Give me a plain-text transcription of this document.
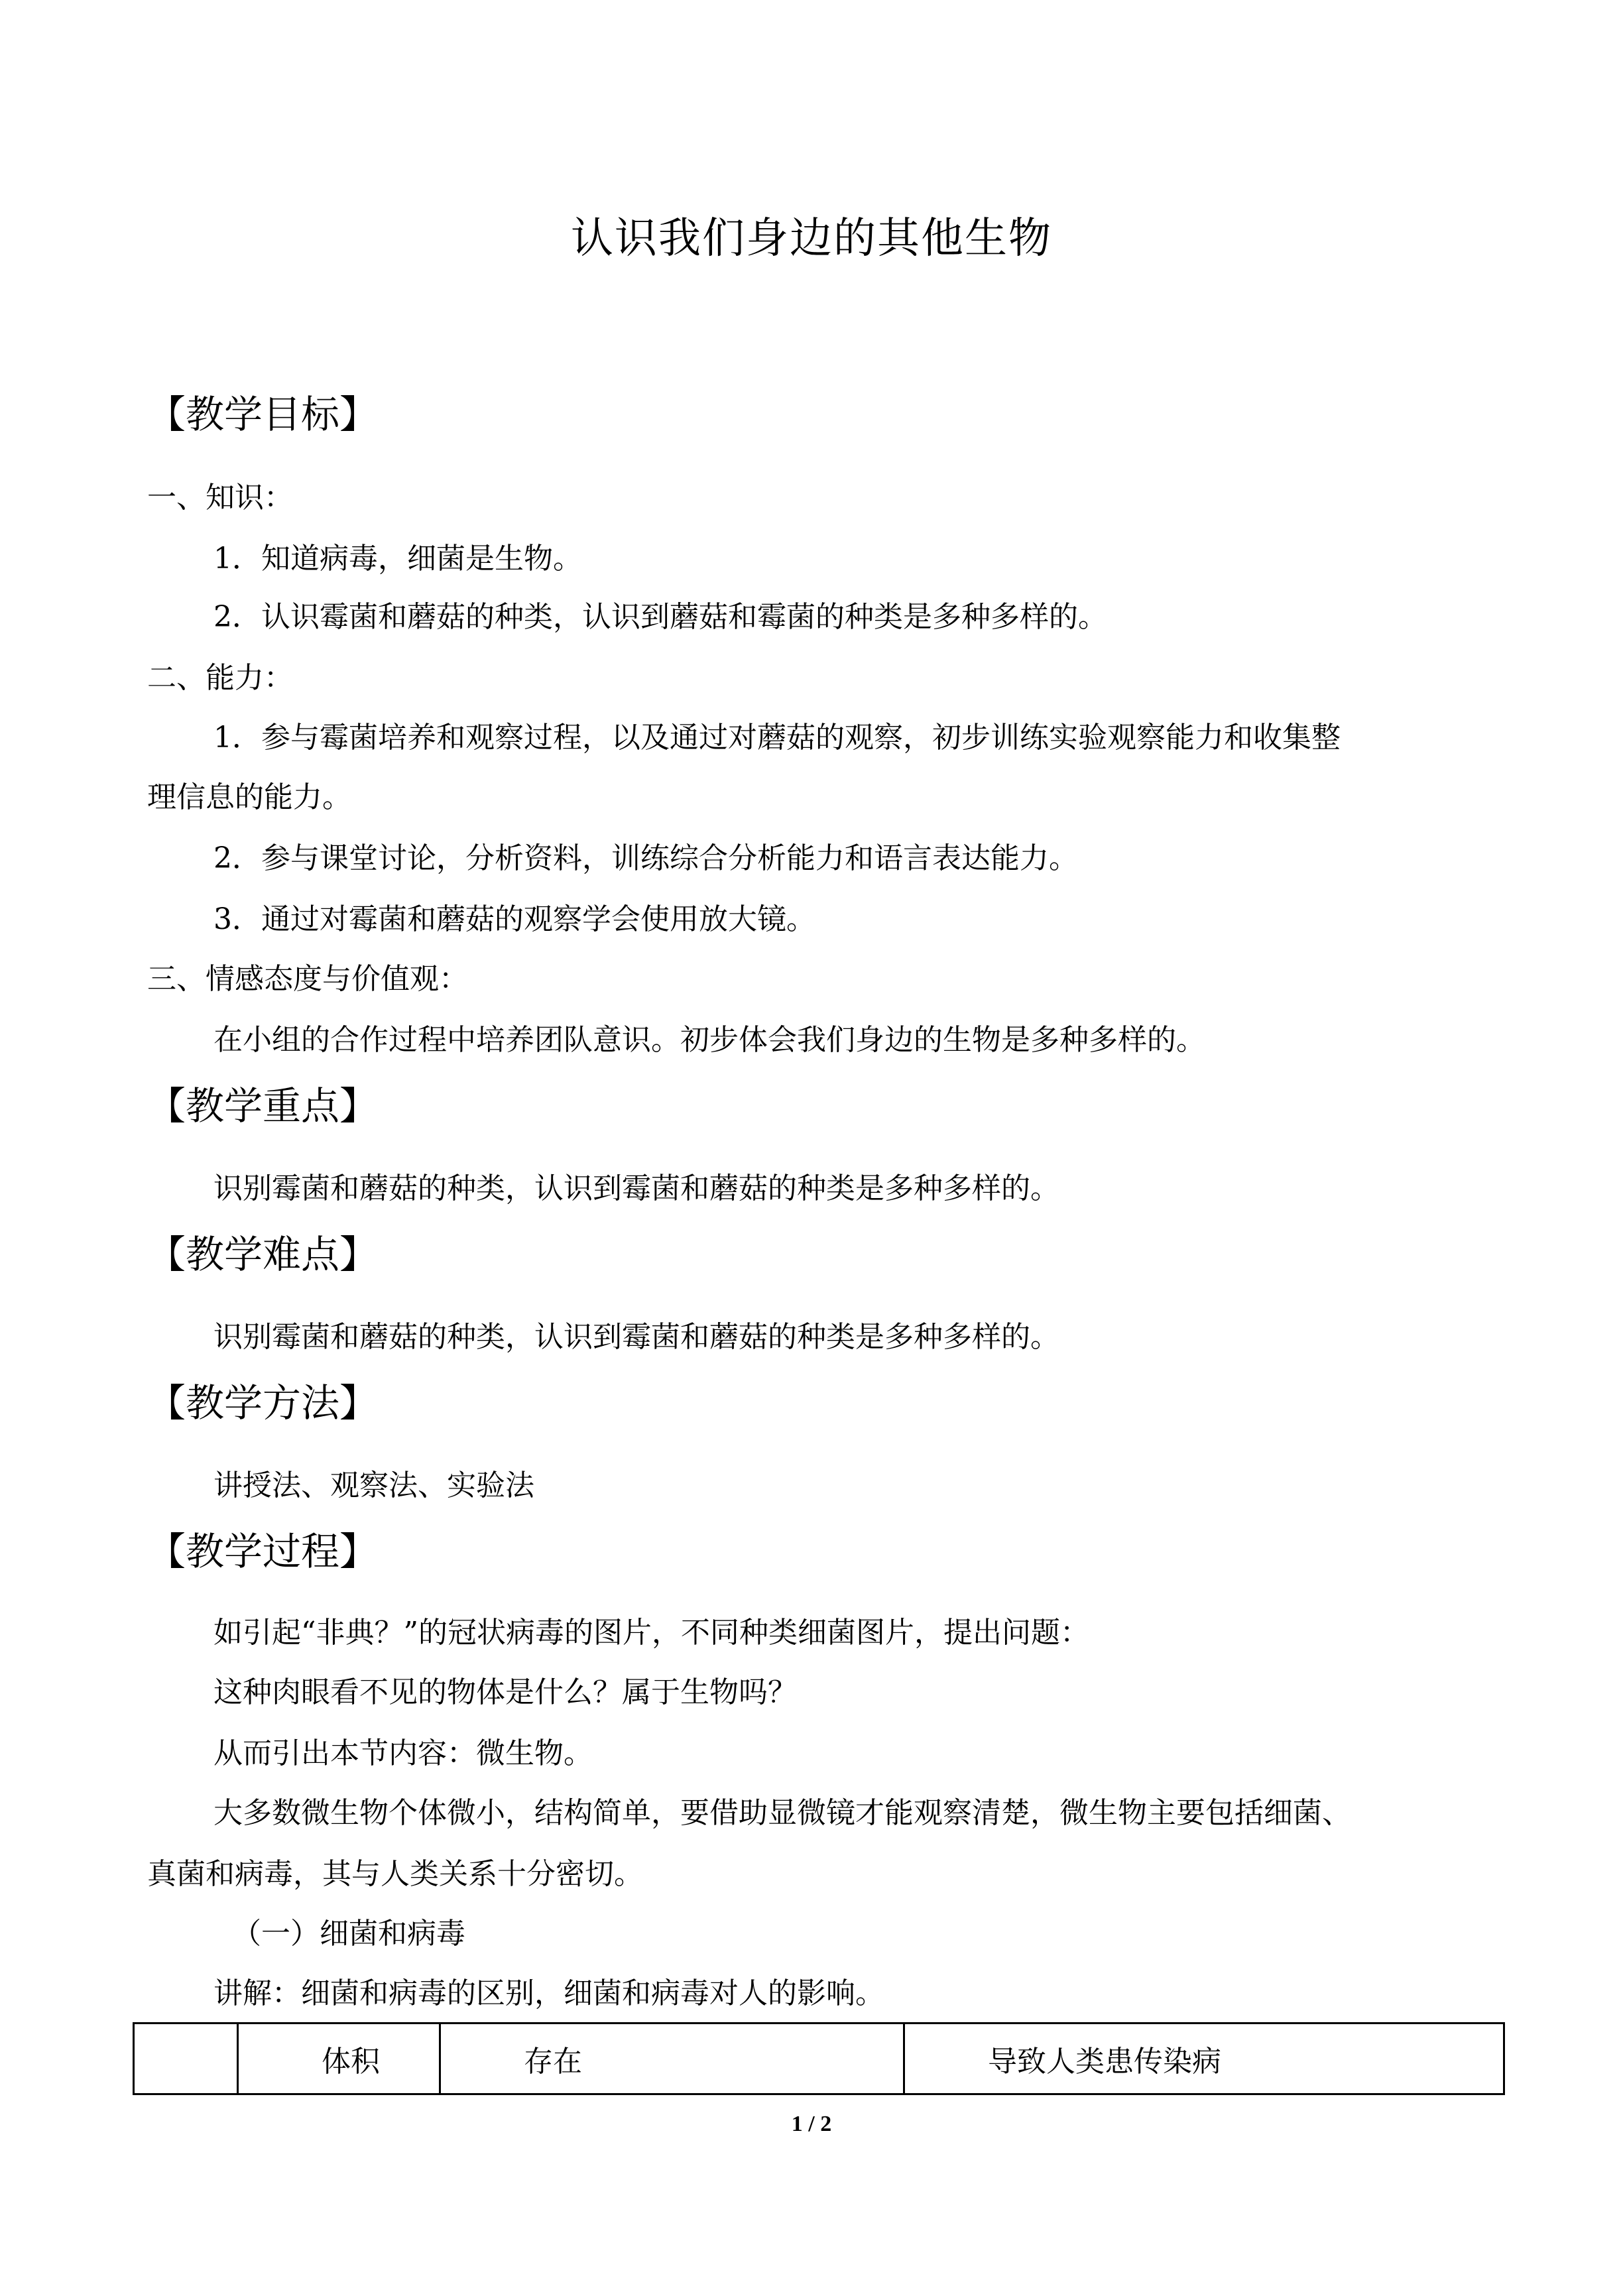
认识我们身边的其他生物
【教学目标】
一、知识：
1．知道病毒，细菌是生物。
2．认识霉菌和蘑菇的种类，认识到蘑菇和霉菌的种类是多种多样的。
二、能力：
1．参与霉菌培养和观察过程，以及通过对蘑菇的观察，初步训练实验观察能力和收集整
理信息的能力。
2．参与课堂讨论，分析资料，训练综合分析能力和语言表达能力。
3．通过对霉菌和蘑菇的观察学会使用放大镜。
三、情感态度与价值观：
在小组的合作过程中培养团队意识。初步体会我们身边的生物是多种多样的。
【教学重点】
识别霉菌和蘑菇的种类，认识到霉菌和蘑菇的种类是多种多样的。
【教学难点】
识别霉菌和蘑菇的种类，认识到霉菌和蘑菇的种类是多种多样的。
【教学方法】
讲授法、观察法、实验法
【教学过程】
如引起“非典？”的冠状病毒的图片，不同种类细菌图片，提出问题：
这种肉眼看不见的物体是什么？属于生物吗？
从而引出本节内容：微生物。
大多数微生物个体微小，结构简单，要借助显微镜才能观察清楚，微生物主要包括细菌、
真菌和病毒，其与人类关系十分密切。
（一）细菌和病毒
讲解：细菌和病毒的区别，细菌和病毒对人的影响。
	体积	存在	导致人类患传染病
1 / 2
